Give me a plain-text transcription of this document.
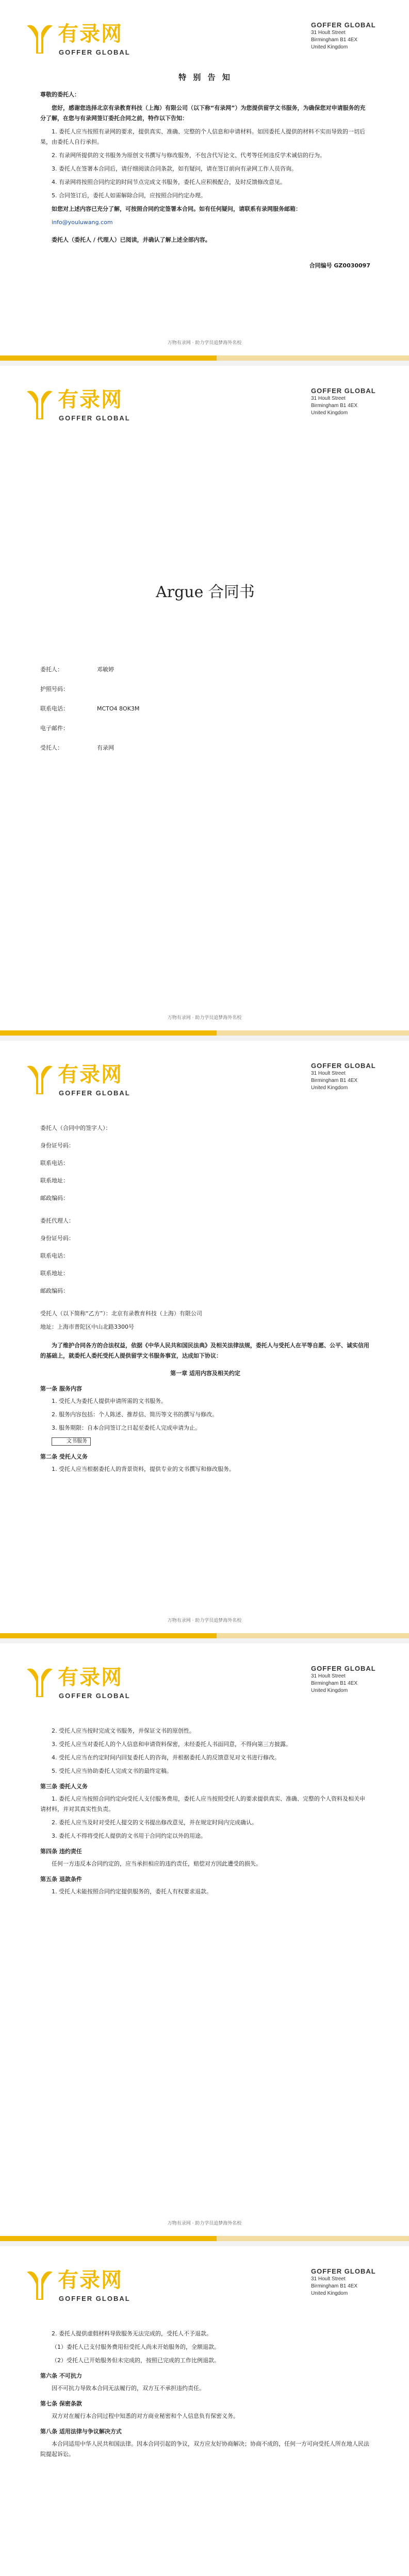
有录网
GOFFER GLOBAL
GOFFER GLOBAL
31 Hoult Street
Birmingham B1 4EX
United Kingdom

特 别 告 知

尊敬的委托人：

您好，感谢您选择北京有录教育科技（上海）有限公司（以下称“有录网”）为您提供留学文书服务，为确保您对申请服务的充分了解，在您与有录网签订委托合同之前，特作以下告知：

1. 委托人应当按照有录网的要求，提供真实、准确、完整的个人信息和申请材料。如因委托人提供的材料不实而导致的一切后果，由委托人自行承担。

2. 有录网所提供的文书服务为原创文书撰写与修改服务，不包含代写论文、代考等任何违反学术诚信的行为。

3. 委托人在签署本合同后，请仔细阅读合同条款，如有疑问，请在签订前向有录网工作人员咨询。

4. 有录网将按照合同约定的时间节点完成文书服务，委托人应积极配合，及时反馈修改意见。

5. 合同签订后，委托人如需解除合同，应按照合同约定办理。

如您对上述内容已充分了解，可按照合同约定签署本合同。如有任何疑问，请联系有录网服务邮箱：

info@youluwang.com

委托人（委托人 / 代理人）已阅读，并确认了解上述全部内容。

合同编号 GZ0030097

万物有录网 · 助力学员追梦海外名校
有录网
GOFFER GLOBAL
GOFFER GLOBAL
31 Hoult Street
Birmingham B1 4EX
United Kingdom

Argue 合同书

委托人：	邓敏婷
护照号码：
联系电话：	MCTO4 8OK3M
电子邮件：
受托人：	有录网
万物有录网 · 助力学员追梦海外名校
有录网
GOFFER GLOBAL
GOFFER GLOBAL
31 Hoult Street
Birmingham B1 4EX
United Kingdom
委托人（合同中的签字人）：
身份证号码：
联系电话：
联系地址：
邮政编码：
委托代理人：
身份证号码：
联系电话：
联系地址：
邮政编码：

受托人（以下简称“乙方”）：北京有录教育科技（上海）有限公司

地址：上海市普陀区中山北路3300号

为了维护合同各方的合法权益，依据《中华人民共和国民法典》及相关法律法规，委托人与受托人在平等自愿、公平、诚实信用的基础上，就委托人委托受托人提供留学文书服务事宜，达成如下协议：

第一章 适用内容及相关约定

第一条 服务内容

1. 受托人为委托人提供申请所需的文书服务。

2. 服务内容包括：个人陈述、推荐信、简历等文书的撰写与修改。

3. 服务期限：自本合同签订之日起至委托人完成申请为止。

文书服务

第二条 受托人义务

1. 受托人应当根据委托人的背景资料，提供专业的文书撰写和修改服务。

万物有录网 · 助力学员追梦海外名校
有录网
GOFFER GLOBAL
GOFFER GLOBAL
31 Hoult Street
Birmingham B1 4EX
United Kingdom

2. 受托人应当按时完成文书服务，并保证文书的原创性。

3. 受托人应当对委托人的个人信息和申请资料保密，未经委托人书面同意，不得向第三方披露。

4. 受托人应当在约定时间内回复委托人的咨询，并根据委托人的反馈意见对文书进行修改。

5. 受托人应当协助委托人完成文书的最终定稿。

第三条 委托人义务

1. 委托人应当按照合同约定向受托人支付服务费用，委托人应当按照受托人的要求提供真实、准确、完整的个人资料及相关申请材料，并对其真实性负责。

2. 委托人应当及时对受托人提交的文书提出修改意见，并在规定时间内完成确认。

3. 委托人不得将受托人提供的文书用于合同约定以外的用途。

第四条 违约责任

任何一方违反本合同约定的，应当承担相应的违约责任，赔偿对方因此遭受的损失。

第五条 退款条件

1. 受托人未能按照合同约定提供服务的，委托人有权要求退款。

万物有录网 · 助力学员追梦海外名校
有录网
GOFFER GLOBAL
GOFFER GLOBAL
31 Hoult Street
Birmingham B1 4EX
United Kingdom

2. 委托人提供虚假材料导致服务无法完成的，受托人不予退款。

（1）委托人已支付服务费用但受托人尚未开始服务的，全额退款。

（2）受托人已开始服务但未完成的，按照已完成的工作比例退款。

第六条 不可抗力

因不可抗力导致本合同无法履行的，双方互不承担违约责任。

第七条 保密条款

双方对在履行本合同过程中知悉的对方商业秘密和个人信息负有保密义务。

第八条 适用法律与争议解决方式

本合同适用中华人民共和国法律。因本合同引起的争议，双方应友好协商解决；协商不成的，任何一方可向受托人所在地人民法院提起诉讼。
